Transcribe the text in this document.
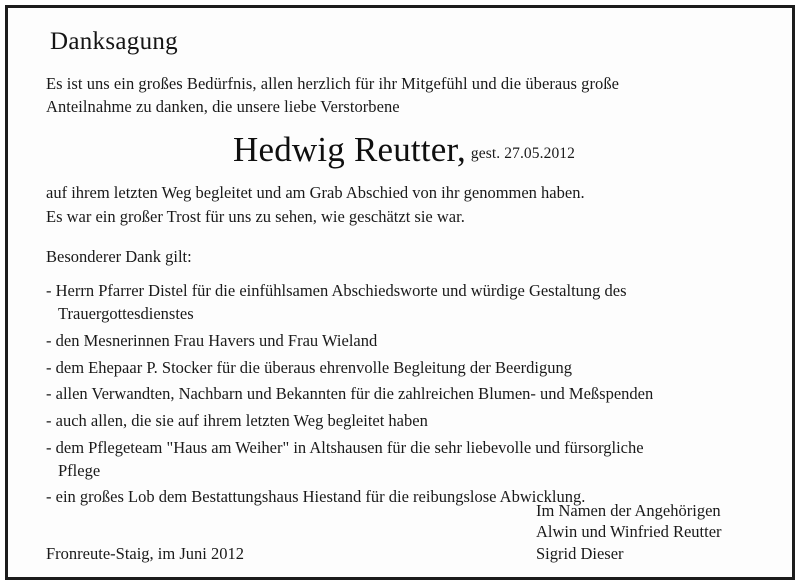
Danksagung

Es ist uns ein großes Bedürfnis, allen herzlich für ihr Mitgefühl und die überaus große
Anteilnahme zu danken, die unsere liebe Verstorbene

Hedwig Reutter, gest. 27.05.2012

auf ihrem letzten Weg begleitet und am Grab Abschied von ihr genommen haben.
Es war ein großer Trost für uns zu sehen, wie geschätzt sie war.

Besonderer Dank gilt:

- Herrn Pfarrer Distel für die einfühlsamen Abschiedsworte und würdige Gestaltung des
Trauergottesdienstes
- den Mesnerinnen Frau Havers und Frau Wieland
- dem Ehepaar P. Stocker für die überaus ehrenvolle Begleitung der Beerdigung
- allen Verwandten, Nachbarn und Bekannten für die zahlreichen Blumen- und Meßspenden
- auch allen, die sie auf ihrem letzten Weg begleitet haben
- dem Pflegeteam "Haus am Weiher" in Altshausen für die sehr liebevolle und fürsorgliche
Pflege
- ein großes Lob dem Bestattungshaus Hiestand für die reibungslose Abwicklung.
Im Namen der Angehörigen
Alwin und Winfried Reutter
Sigrid Dieser
Fronreute-Staig, im Juni 2012
